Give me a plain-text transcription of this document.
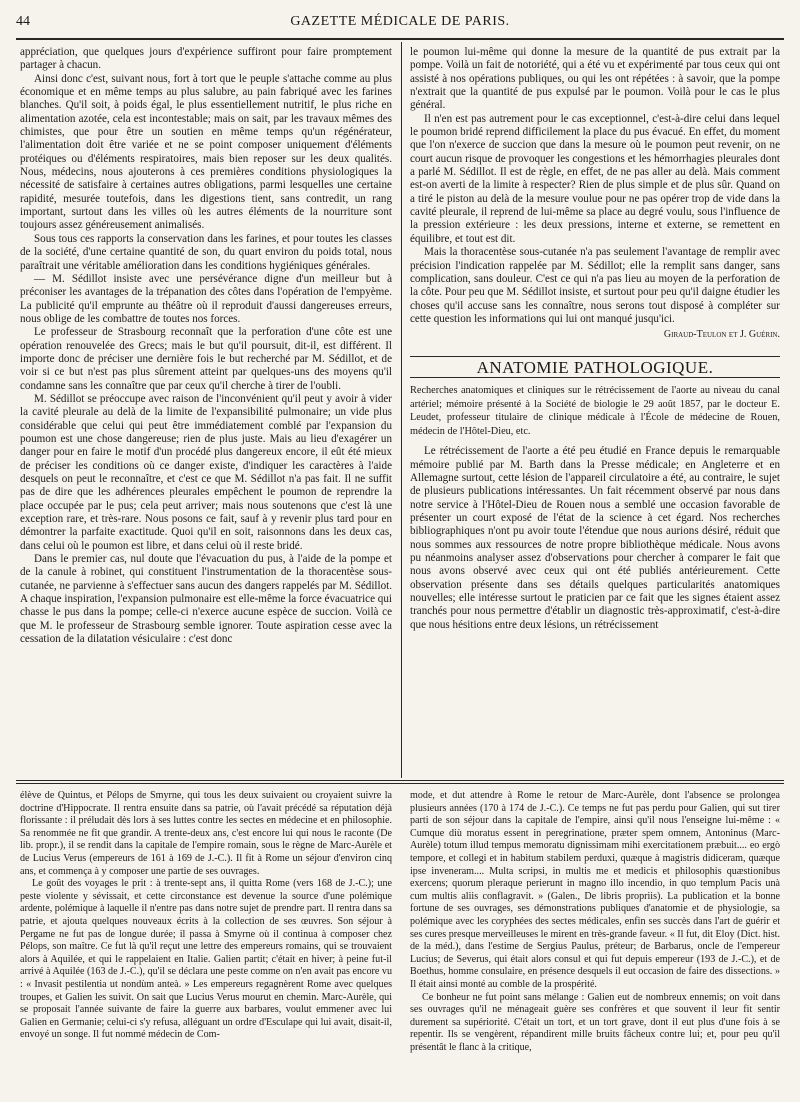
44	GAZETTE MÉDICALE DE PARIS.

appréciation, que quelques jours d'expérience suffiront pour faire promptement partager à chacun.

Ainsi donc c'est, suivant nous, fort à tort que le peuple s'attache comme au plus économique et en même temps au plus salubre, au pain fabriqué avec les farines blanches. Qu'il soit, à poids égal, le plus essentiellement nutritif, le plus riche en alimentation azotée, cela est incontestable; mais on sait, par les travaux mêmes des chimistes, que pour être un soutien en même temps qu'un régénérateur, l'alimentation doit être variée et ne se point composer uniquement d'éléments protéiques ou d'éléments respiratoires, mais bien reposer sur les deux qualités. Nous, médecins, nous ajouterons à ces premières conditions physiologiques la nécessité de satisfaire à certaines autres obligations, parmi lesquelles une certaine rapidité, mesurée toutefois, dans les digestions tient, sans contredit, un rang important, surtout dans les villes où les autres éléments de la nourriture sont toujours assez généreusement animalisés.

Sous tous ces rapports la conservation dans les farines, et pour toutes les classes de la société, d'une certaine quantité de son, du quart environ du poids total, nous paraîtrait une véritable amélioration dans les conditions hygiéniques générales.

— M. Sédillot insiste avec une persévérance digne d'un meilleur but à préconiser les avantages de la trépanation des côtes dans l'opération de l'empyème. La publicité qu'il emprunte au théâtre où il reproduit d'aussi dangereuses erreurs, nous oblige de les combattre de toutes nos forces.

Le professeur de Strasbourg reconnaît que la perforation d'une côte est une opération renouvelée des Grecs; mais le but qu'il poursuit, dit-il, est différent. Il importe donc de préciser une dernière fois le but recherché par M. Sédillot, et de voir si ce but n'est pas plus sûrement atteint par quelques-uns des moyens qu'il condamne sans les connaître que par ceux qu'il cherche à tirer de l'oubli.

M. Sédillot se préoccupe avec raison de l'inconvénient qu'il peut y avoir à vider la cavité pleurale au delà de la limite de l'expansibilité pulmonaire; un vide plus considérable que celui qui peut être immédiatement comblé par l'expansion du poumon est une chose dangereuse; rien de plus juste. Mais au lieu d'exagérer un danger pour en faire le motif d'un procédé plus dangereux encore, il eût été mieux de préciser les conditions où ce danger existe, d'indiquer les caractères à l'aide desquels on peut le reconnaître, et c'est ce que M. Sédillot n'a pas fait. Il ne suffit pas de dire que les adhérences pleurales empêchent le poumon de reprendre la place occupée par le pus; cela peut arriver; mais nous soutenons que c'est là une exception rare, et très-rare. Nous posons ce fait, sauf à y revenir plus tard pour en démontrer la parfaite exactitude. Quoi qu'il en soit, raisonnons dans les deux cas, dans celui où le poumon est libre, et dans celui où il reste bridé.

Dans le premier cas, nul doute que l'évacuation du pus, à l'aide de la pompe et de la canule à robinet, qui constituent l'instrumentation de la thoracentèse sous-cutanée, ne parvienne à s'effectuer sans aucun des dangers rappelés par M. Sédillot. A chaque inspiration, l'expansion pulmonaire est elle-même la force évacuatrice qui chasse le pus dans la pompe; celle-ci n'exerce aucune espèce de succion. Voilà ce que M. le professeur de Strasbourg semble ignorer. Toute aspiration cesse avec la cessation de la dilatation vésiculaire : c'est donc

le poumon lui-même qui donne la mesure de la quantité de pus extrait par la pompe. Voilà un fait de notoriété, qui a été vu et expérimenté par tous ceux qui ont assisté à nos opérations publiques, ou qui les ont répétées : à savoir, que la pompe n'extrait que la quantité de pus expulsé par le poumon. Voilà pour le cas le plus général.

Il n'en est pas autrement pour le cas exceptionnel, c'est-à-dire celui dans lequel le poumon bridé reprend difficilement la place du pus évacué. En effet, du moment que l'on n'exerce de succion que dans la mesure où le poumon peut revenir, on ne court aucun risque de provoquer les congestions et les hémorrhagies pleurales dont a parlé M. Sédillot. Il est de règle, en effet, de ne pas aller au delà. Mais comment est-on averti de la limite à respecter? Rien de plus simple et de plus sûr. Quand on a tiré le piston au delà de la mesure voulue pour ne pas opérer trop de vide dans la cavité pleurale, il reprend de lui-même sa place au degré voulu, sous l'influence de la pression extérieure : les deux pressions, interne et externe, se remettent en équilibre, et tout est dit.

Mais la thoracentèse sous-cutanée n'a pas seulement l'avantage de remplir avec précision l'indication rappelée par M. Sédillot; elle la remplit sans danger, sans complication, sans douleur. C'est ce qui n'a pas lieu au moyen de la perforation de la côte. Pour peu que M. Sédillot insiste, et surtout pour peu qu'il daigne étudier les choses qu'il accuse sans les connaître, nous serons tout disposé à compléter sur cette question les informations qui lui ont manqué jusqu'ici.

Giraud-Teulon et J. Guérin.

ANATOMIE PATHOLOGIQUE.

Recherches anatomiques et cliniques sur le rétrécissement de l'aorte au niveau du canal artériel; mémoire présenté à la Société de biologie le 29 août 1857, par le docteur E. Leudet, professeur titulaire de clinique médicale à l'École de médecine de Rouen, médecin de l'Hôtel-Dieu, etc.

Le rétrécissement de l'aorte a été peu étudié en France depuis le remarquable mémoire publié par M. Barth dans la Presse médicale; en Angleterre et en Allemagne surtout, cette lésion de l'appareil circulatoire a été, au contraire, le sujet de plusieurs publications intéressantes. Un fait récemment observé par nous dans notre service à l'Hôtel-Dieu de Rouen nous a semblé une occasion favorable de présenter un court exposé de l'état de la science à cet égard. Nos recherches bibliographiques n'ont pu avoir toute l'étendue que nous aurions désiré, réduit que nous sommes aux ressources de notre propre bibliothèque médicale. Nous avons pu néanmoins analyser assez d'observations pour chercher à comparer le fait que nous avons observé avec ceux qui ont été publiés antérieurement. Cette observation présente dans ses détails quelques particularités anatomiques nouvelles; elle intéresse surtout le praticien par ce fait que les signes étaient assez tranchés pour nous permettre d'établir un diagnostic très-approximatif, c'est-à-dire que nous hésitions entre deux lésions, un rétrécissement

élève de Quintus, et Pélops de Smyrne, qui tous les deux suivaient ou croyaient suivre la doctrine d'Hippocrate. Il rentra ensuite dans sa patrie, où l'avait précédé sa réputation déjà florissante : il préludait dès lors à ses luttes contre les sectes en médecine et en philosophie. Sa renommée ne fit que grandir. A trente-deux ans, c'est encore lui qui nous le raconte (De lib. propr.), il se rendit dans la capitale de l'empire romain, sous le règne de Marc-Aurèle et de Lucius Verus (empereurs de 161 à 169 de J.-C.). Il fit à Rome un séjour d'environ cinq ans, et commença à y composer une partie de ses ouvrages.

Le goût des voyages le prit : à trente-sept ans, il quitta Rome (vers 168 de J.-C.); une peste violente y sévissait, et cette circonstance est devenue la source d'une polémique ardente, polémique à laquelle il n'entre pas dans notre sujet de prendre part. Il rentra dans sa patrie, et ajouta quelques nouveaux écrits à la collection de ses œuvres. Son séjour à Pergame ne fut pas de longue durée; il passa à Smyrne où il continua à composer chez Pélops, son maître. Ce fut là qu'il reçut une lettre des empereurs romains, qui se trouvaient alors à Aquilée, et qui le rappelaient en Italie. Galien partit; c'était en hiver; à peine fut-il arrivé à Aquilée (163 de J.-C.), qu'il se déclara une peste comme on n'en avait pas encore vu : « Invasit pestilentia ut nondùm anteà. » Les empereurs regagnèrent Rome avec quelques troupes, et Galien les suivit. On sait que Lucius Verus mourut en chemin. Marc-Aurèle, qui se proposait l'année suivante de faire la guerre aux barbares, voulut emmener avec lui Galien en Germanie; celui-ci s'y refusa, alléguant un ordre d'Esculape qui lui avait, disait-il, envoyé un songe. Il fut nommé médecin de Com-

mode, et dut attendre à Rome le retour de Marc-Aurèle, dont l'absence se prolongea plusieurs années (170 à 174 de J.-C.). Ce temps ne fut pas perdu pour Galien, qui sut tirer parti de son séjour dans la capitale de l'empire, ainsi qu'il nous l'enseigne lui-même : « Cumque diù moratus essent in peregrinatione, præter spem omnem, Antoninus (Marc-Aurèle) totum illud tempus memoratu dignissimam mihi exercitationem præbuit.... eo ergò tempore, et collegi et in habitum stabilem perduxi, quæque à magistris didiceram, quæque ipse inveneram.... Multa scripsi, in multis me et medicis et philosophis quæstionibus exercens; quorum pleraque perierunt in magno illo incendio, in quo templum Pacis unà cum multis aliis conflagravit. » (Galen., De libris propriis). La publication et la bonne fortune de ses ouvrages, ses démonstrations publiques d'anatomie et de physiologie, sa polémique avec les coryphées des sectes médicales, enfin ses succès dans l'art de guérir et ses cures presque merveilleuses le mirent en très-grande faveur. « Il fut, dit Eloy (Dict. hist. de la méd.), dans l'estime de Sergius Paulus, préteur; de Barbarus, oncle de l'empereur Lucius; de Severus, qui était alors consul et qui fut depuis empereur (193 de J.-C.), et de Boethus, homme consulaire, en présence desquels il eut occasion de faire des dissections. » Il était ainsi monté au comble de la prospérité.

Ce bonheur ne fut point sans mélange : Galien eut de nombreux ennemis; on voit dans ses ouvrages qu'il ne ménageait guère ses confrères et que souvent il leur fit sentir durement sa supériorité. C'était un tort, et un tort grave, dont il eut plus d'une fois à se repentir. Ils se vengèrent, répandirent mille bruits fâcheux contre lui; et, pour peu qu'il présentât le flanc à la critique,
